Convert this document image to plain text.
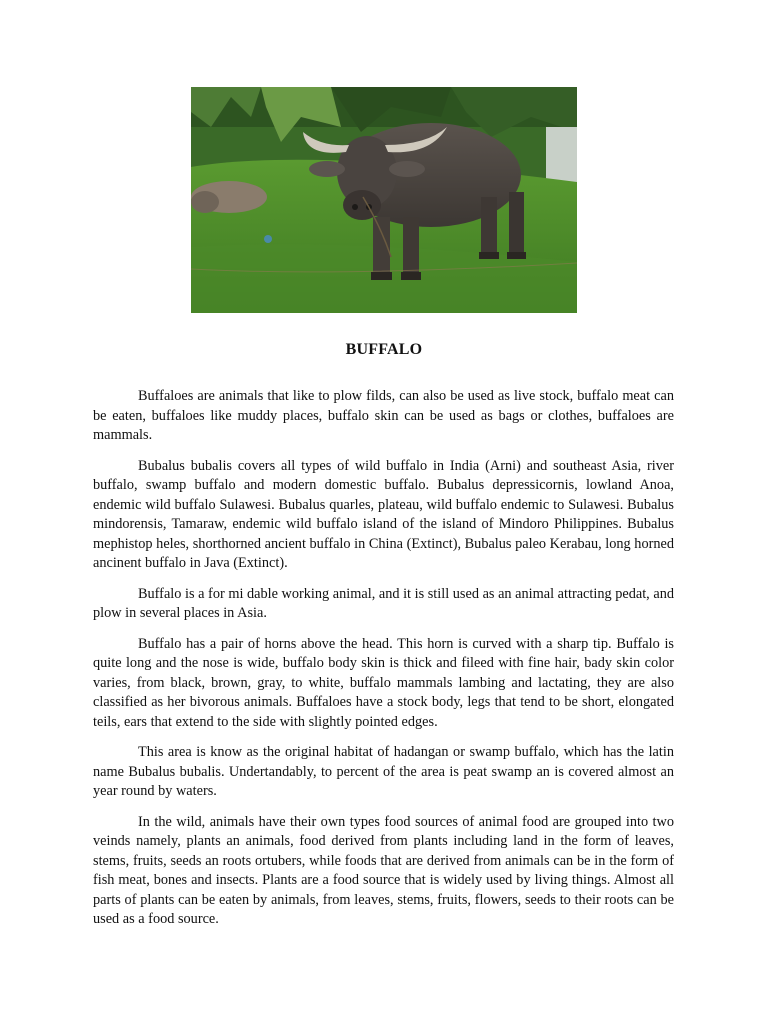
BUFFALO

Buffaloes are animals that like to plow filds, can also be used as live stock, buffalo meat can be eaten, buffaloes like muddy places, buffalo skin can be used as bags or clothes, buffaloes are mammals.

Bubalus bubalis covers all types of wild buffalo in India (Arni) and southeast Asia, river buffalo, swamp buffalo and modern domestic buffalo. Bubalus depressicornis, lowland Anoa, endemic wild buffalo Sulawesi. Bubalus quarles, plateau, wild buffalo endemic to Sulawesi. Bubalus mindorensis, Tamaraw, endemic wild buffalo island of the island of Mindoro Philippines. Bubalus mephistop heles, shorthorned ancient buffalo in China (Extinct), Bubalus paleo Kerabau, long horned ancinent buffalo in Java (Extinct).

Buffalo is a for mi dable working animal, and it is still used as an animal attracting pedat, and plow in several places in Asia.

Buffalo has a pair of horns above the head. This horn is curved with a sharp tip. Buffalo is quite long and the nose is wide, buffalo body skin is thick and fileed with fine hair, bady skin color varies, from black, brown, gray, to white, buffalo mammals lambing and lactating, they are also classified as her bivorous animals. Buffaloes have a stock body, legs that tend to be short, elongated teils, ears that extend to the side with slightly pointed edges.

This area is know as the original habitat of hadangan or swamp buffalo, which has the latin name Bubalus bubalis. Undertandably, to percent of the area is peat swamp an is covered almost an year round by waters.

In the wild, animals have their own types food sources of animal food are grouped into two veinds namely, plants an animals, food derived from plants including land in the form of leaves, stems, fruits, seeds an roots ortubers, while foods that are derived from animals can be in the form of fish meat, bones and insects. Plants are a food source that is widely used by living things. Almost all parts of plants can be eaten by animals, from leaves, stems, fruits, flowers, seeds to their roots can be used as a food source.
